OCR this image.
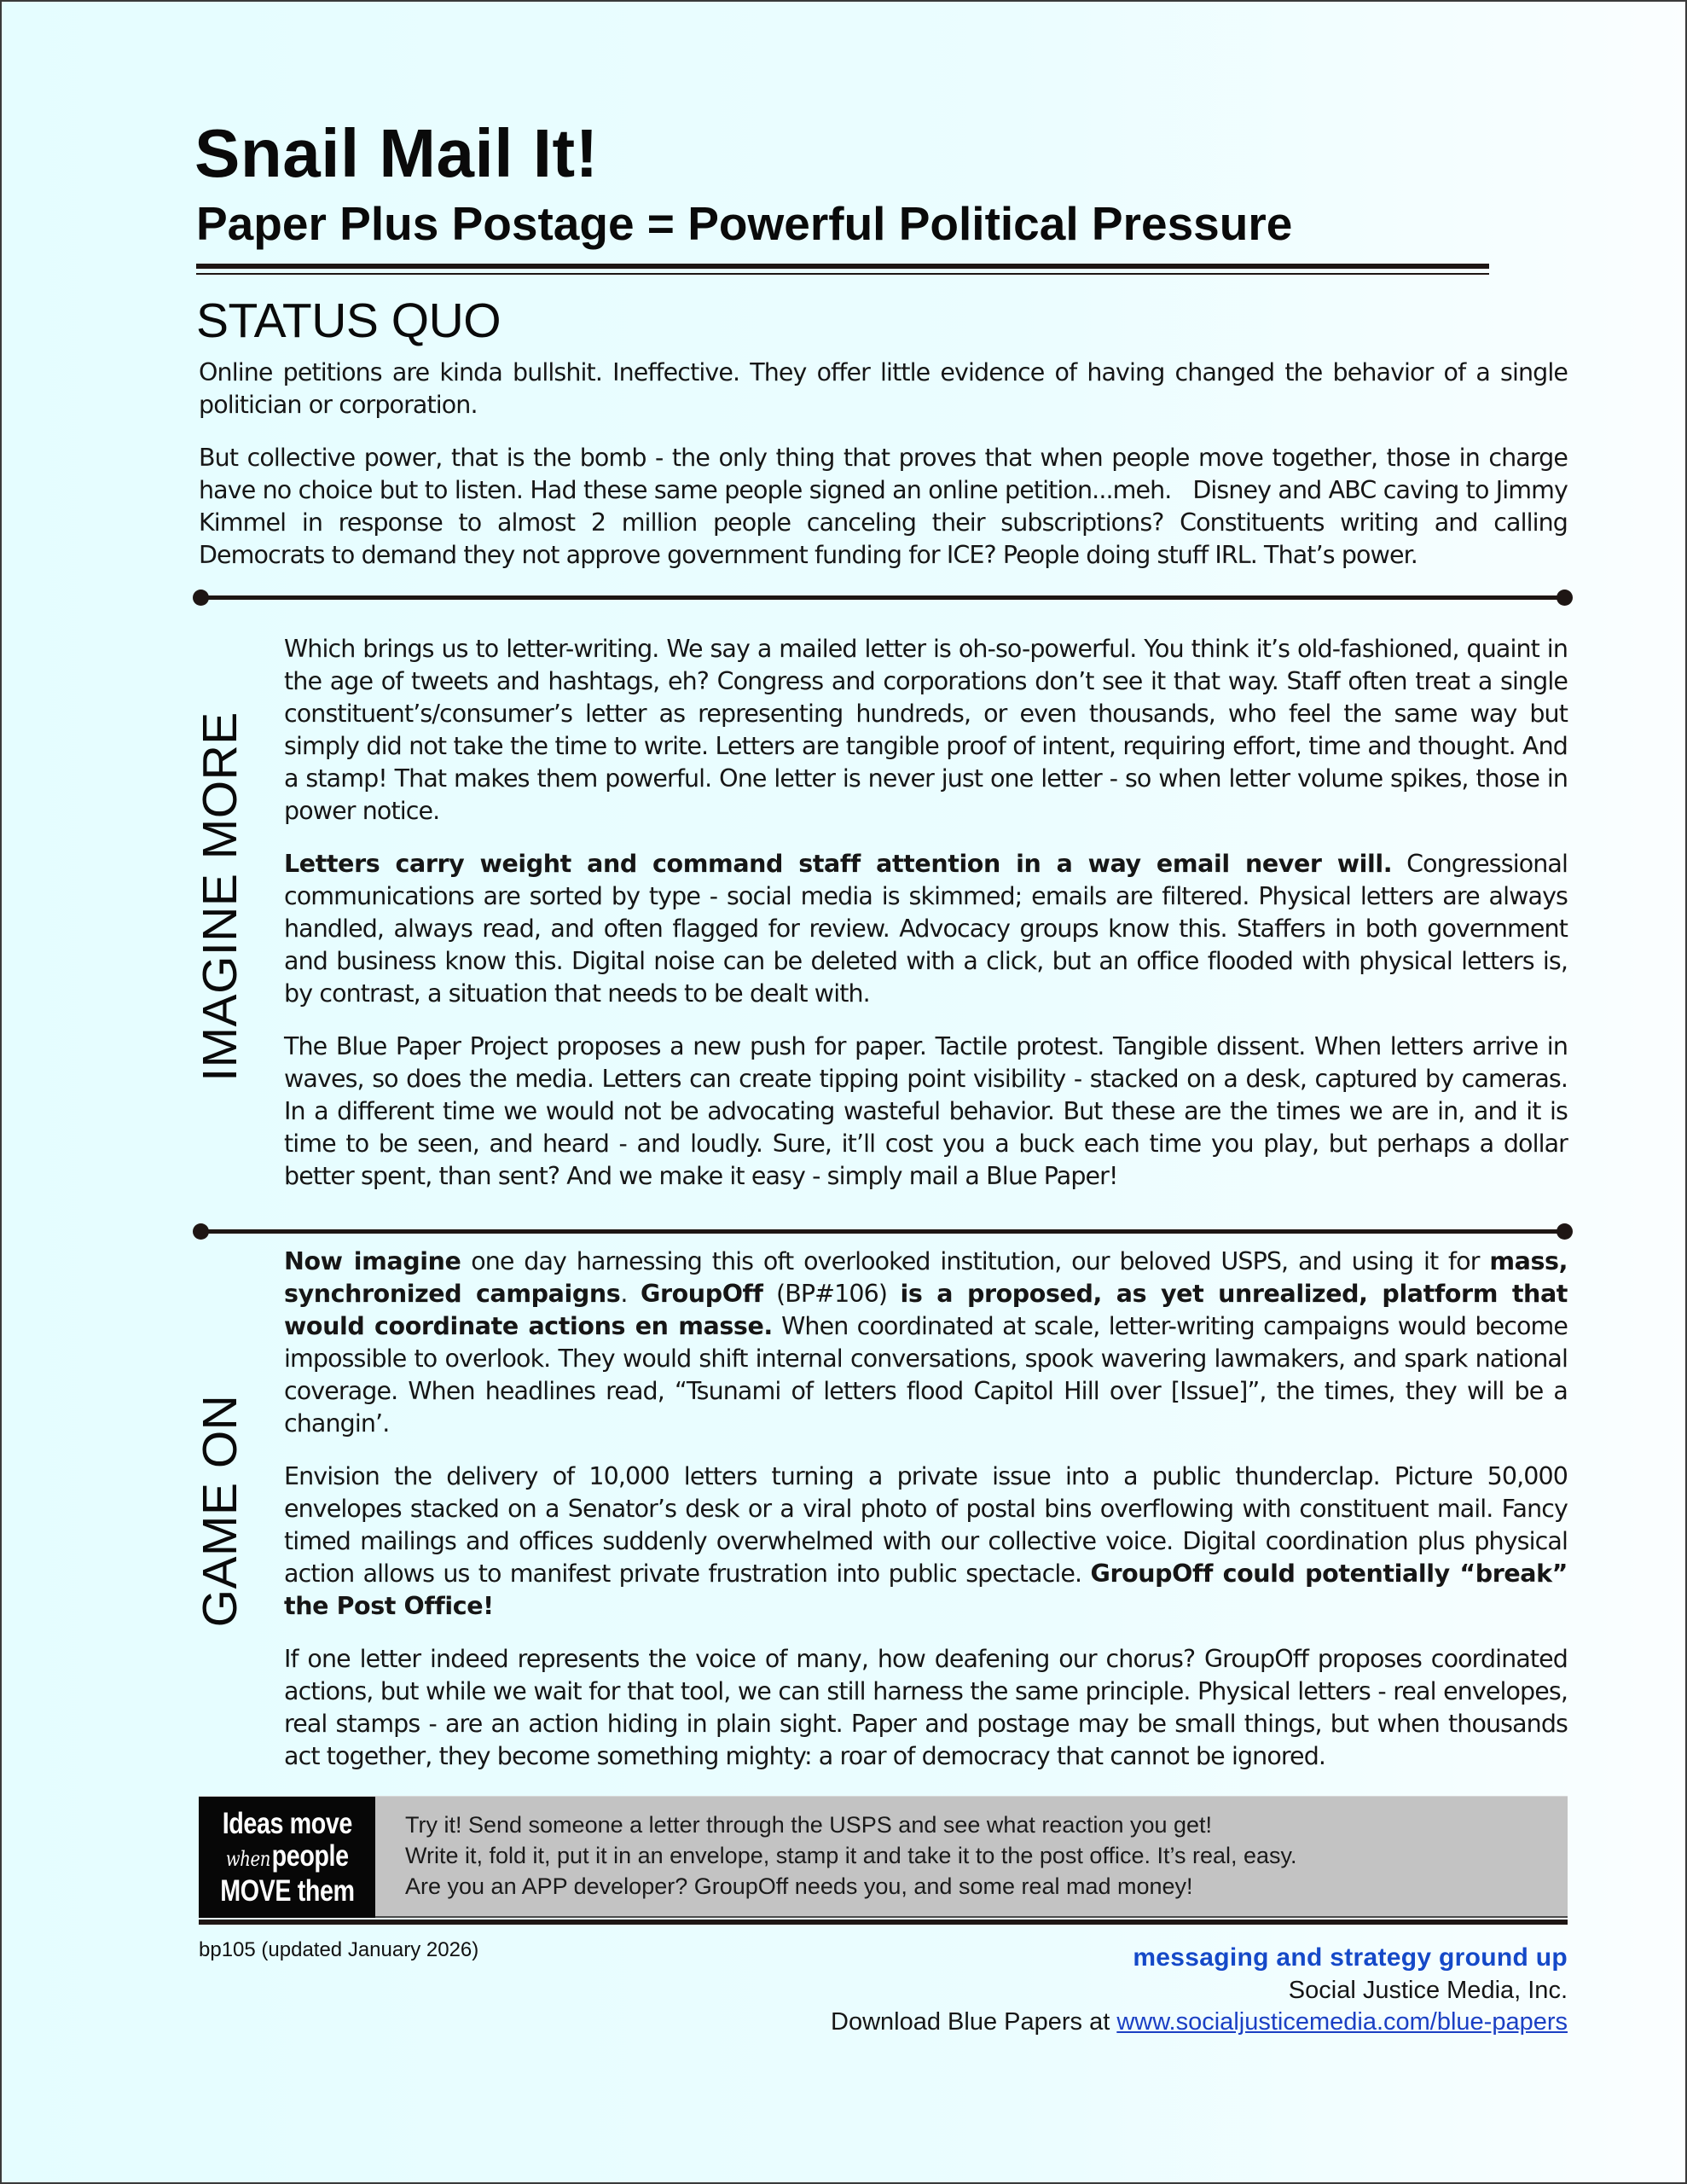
Snail Mail It!
Paper Plus Postage = Powerful Political Pressure
STATUS QUO

Online petitions are kinda bullshit. Ineffective. They offer little evidence of having changed the behavior of a single politician or corporation.

But collective power, that is the bomb - the only thing that proves that when people move together, those in charge have no choice but to listen. Had these same people signed an online petition...meh.   Disney and ABC caving to Jimmy Kimmel in response to almost 2 million people canceling their subscriptions? Constituents writing and calling Democrats to demand they not approve government funding for ICE? People doing stuff IRL. That’s power.

IMAGINE MORE

Which brings us to letter-writing. We say a mailed letter is oh-so-powerful. You think it’s old-fashioned, quaint in the age of tweets and hashtags, eh? Congress and corporations don’t see it that way. Staff often treat a single constituent’s/consumer’s letter as representing hundreds, or even thousands, who feel the same way but simply did not take the time to write. Letters are tangible proof of intent, requiring effort, time and thought. And a stamp! That makes them powerful. One letter is never just one letter - so when letter volume spikes, those in power notice.

Letters carry weight and command staff attention in a way email never will. Congressional communications are sorted by type - social media is skimmed; emails are filtered. Physical letters are always handled, always read, and often flagged for review. Advocacy groups know this. Staffers in both government and business know this. Digital noise can be deleted with a click, but an office flooded with physical letters is, by contrast, a situation that needs to be dealt with.

The Blue Paper Project proposes a new push for paper. Tactile protest. Tangible dissent. When letters arrive in waves, so does the media. Letters can create tipping point visibility - stacked on a desk, captured by cameras. In a different time we would not be advocating wasteful behavior. But these are the times we are in, and it is time to be seen, and heard - and loudly. Sure, it’ll cost you a buck each time you play, but perhaps a dollar better spent, than sent? And we make it easy - simply mail a Blue Paper!

GAME ON

Now imagine one day harnessing this oft overlooked institution, our beloved USPS, and using it for mass, synchronized campaigns. GroupOff (BP#106) is a proposed, as yet unrealized, platform that would coordinate actions en masse. When coordinated at scale, letter-writing campaigns would become impossible to overlook. They would shift internal conversations, spook wavering lawmakers, and spark national coverage. When headlines read, “Tsunami of letters flood Capitol Hill over [Issue]”, the times, they will be a changin’.

Envision the delivery of 10,000 letters turning a private issue into a public thunderclap. Picture 50,000 envelopes stacked on a Senator’s desk or a viral photo of postal bins overflowing with constituent mail. Fancy timed mailings and offices suddenly overwhelmed with our collective voice. Digital coordination plus physical action allows us to manifest private frustration into public spectacle. GroupOff could potentially “break” the Post Office!

If one letter indeed represents the voice of many, how deafening our chorus? GroupOff proposes coordinated actions, but while we wait for that tool, we can still harness the same principle. Physical letters - real envelopes, real stamps - are an action hiding in plain sight. Paper and postage may be small things, but when thousands act together, they become something mighty: a roar of democracy that cannot be ignored.

Ideas move
whenpeople
MOVE them
Try it! Send someone a letter through the USPS and see what reaction you get!
Write it, fold it, put it in an envelope, stamp it and take it to the post office. It’s real, easy.
Are you an APP developer? GroupOff needs you, and some real mad money!
bp105 (updated January 2026)	messaging and strategy ground up
Social Justice Media, Inc.
Download Blue Papers at www.socialjusticemedia.com/blue-papers
